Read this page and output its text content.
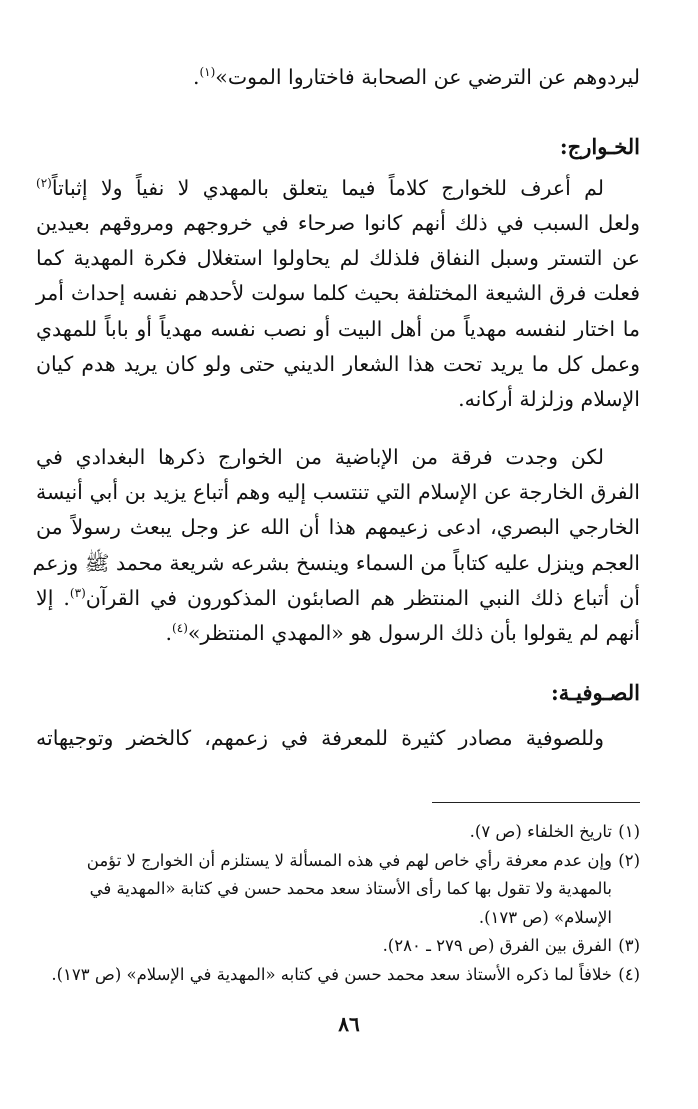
ليردوهم عن الترضي عن الصحابة فاختاروا الموت»$^{(١)}$.

الخـوارج:

لم أعرف للخوارج كلاماً فيما يتعلق بالمهدي لا نفياً ولا إثباتاً$^{(٢)}$
ولعل السبب في ذلك أنهم كانوا صرحاء في خروجهم ومروقهم بعيدين
عن التستر وسبل النفاق فلذلك لم يحاولوا استغلال فكرة المهدية كما
فعلت فرق الشيعة المختلفة بحيث كلما سولت لأحدهم نفسه إحداث أمر
ما اختار لنفسه مهدياً من أهل البيت أو نصب نفسه مهدياً أو باباً للمهدي
وعمل كل ما يريد تحت هذا الشعار الديني حتى ولو كان يريد هدم كيان
الإسلام وزلزلة أركانه.

لكن وجدت فرقة من الإباضية من الخوارج ذكرها البغدادي في
الفرق الخارجة عن الإسلام التي تنتسب إليه وهم أتباع يزيد بن أبي أنيسة
الخارجي البصري، ادعى زعيمهم هذا أن الله عز وجل يبعث رسولاً من
العجم وينزل عليه كتاباً من السماء وينسخ بشرعه شريعة محمد ﷺ وزعم
أن أتباع ذلك النبي المنتظر هم الصابئون المذكورون في القرآن$^{(٣)}$. إلا
أنهم لم يقولوا بأن ذلك الرسول هو «المهدي المنتظر»$^{(٤)}$.

الصـوفيـة:

وللصوفية مصادر كثيرة للمعرفة في زعمهم، كالخضر وتوجيهاته

(١)
تاريخ الخلفاء (ص ٧).
(٢)
وإن عدم معرفة رأي خاص لهم في هذه المسألة لا يستلزم أن الخوارج لا تؤمن بالمهدية ولا تقول بها كما رأى الأستاذ سعد محمد حسن في كتابة «المهدية في الإسلام» (ص ١٧٣).
(٣)
الفرق بين الفرق (ص ٢٧٩ ـ ٢٨٠).
(٤)
خلافاً لما ذكره الأستاذ سعد محمد حسن في كتابه «المهدية في الإسلام» (ص ١٧٣).
٨٦
